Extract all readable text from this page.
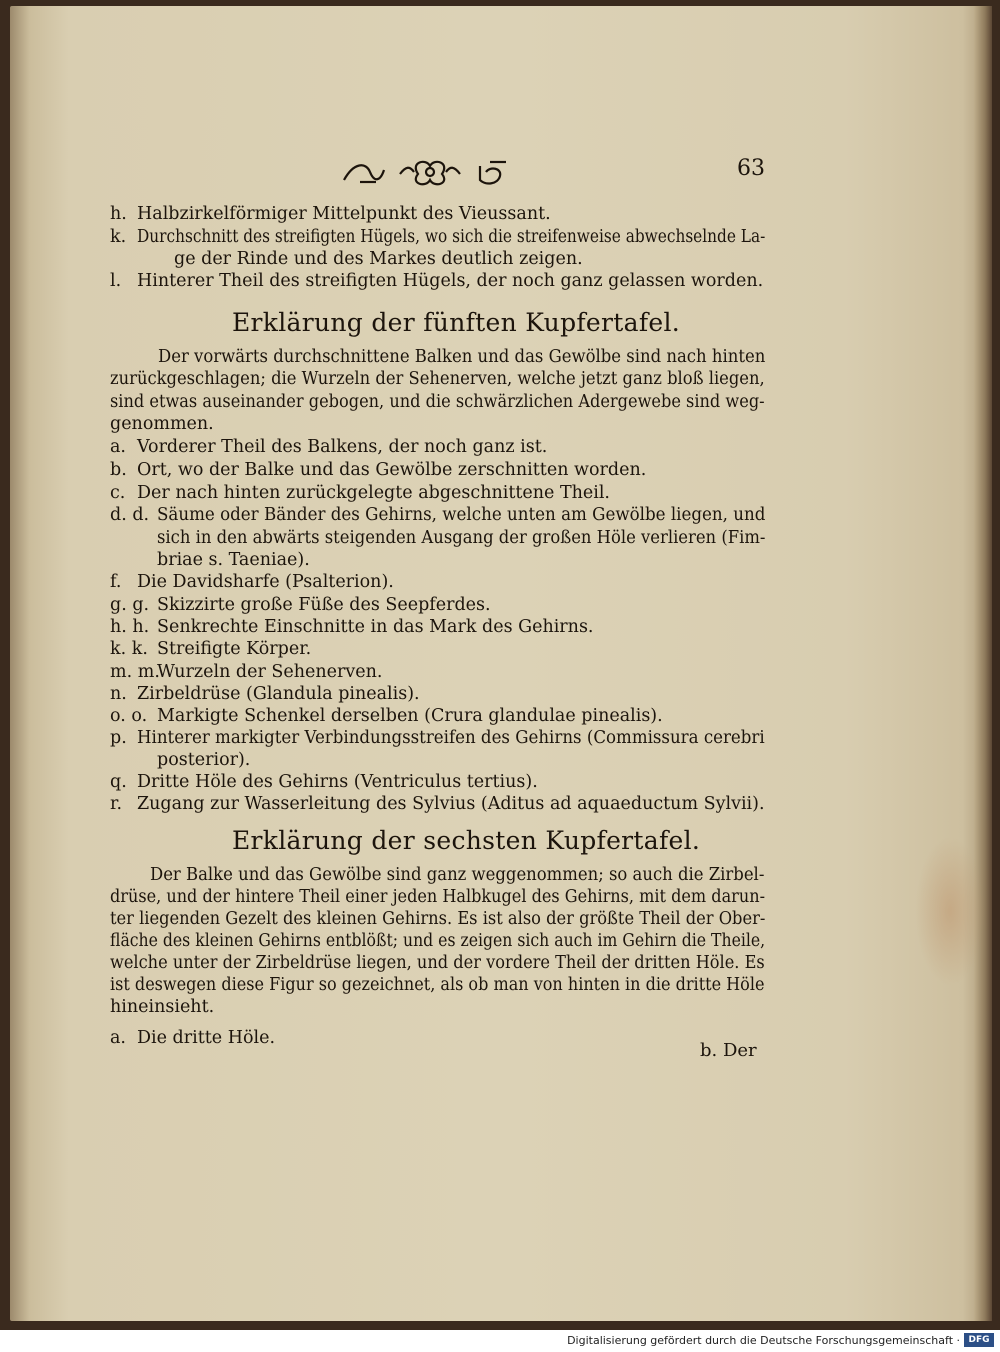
63
h. Halbzirkelförmiger Mittelpunkt des Vieussant.
k. Durchschnitt des streifigten Hügels, wo sich die streifenweise abwechselnde La-
ge der Rinde und des Markes deutlich zeigen.
l. Hinterer Theil des streifigten Hügels, der noch ganz gelassen worden.
Erklärung der fünften Kupfertafel.
Der vorwärts durchschnittene Balken und das Gewölbe sind nach hinten
zurückgeschlagen; die Wurzeln der Sehenerven, welche jetzt ganz bloß liegen,
sind etwas auseinander gebogen, und die schwärzlichen Adergewebe sind weg-
genommen.
a. Vorderer Theil des Balkens, der noch ganz ist.
b. Ort, wo der Balke und das Gewölbe zerschnitten worden.
c. Der nach hinten zurückgelegte abgeschnittene Theil.
d. d. Säume oder Bänder des Gehirns, welche unten am Gewölbe liegen, und
sich in den abwärts steigenden Ausgang der großen Höle verlieren (Fim-
briae s. Taeniae).
f. Die Davidsharfe (Psalterion).
g. g. Skizzirte große Füße des Seepferdes.
h. h. Senkrechte Einschnitte in das Mark des Gehirns.
k. k. Streifigte Körper.
m. m.
Wurzeln der Sehenerven.
n. Zirbeldrüse (Glandula pinealis).
o. o. Markigte Schenkel derselben (Crura glandulae pinealis).
p. Hinterer markigter Verbindungsstreifen des Gehirns (Commissura cerebri
posterior).
q. Dritte Höle des Gehirns (Ventriculus tertius).
r. Zugang zur Wasserleitung des Sylvius (Aditus ad aquaeductum Sylvii).
Erklärung der sechsten Kupfertafel.
Der Balke und das Gewölbe sind ganz weggenommen; so auch die Zirbel-
drüse, und der hintere Theil einer jeden Halbkugel des Gehirns, mit dem darun-
ter liegenden Gezelt des kleinen Gehirns. Es ist also der größte Theil der Ober-
fläche des kleinen Gehirns entblößt; und es zeigen sich auch im Gehirn die Theile,
welche unter der Zirbeldrüse liegen, und der vordere Theil der dritten Höle. Es
ist deswegen diese Figur so gezeichnet, als ob man von hinten in die dritte Höle
hineinsieht.
a. Die dritte Höle.
b. Der
Digitalisierung gefördert durch die Deutsche Forschungsgemeinschaft · DFG
